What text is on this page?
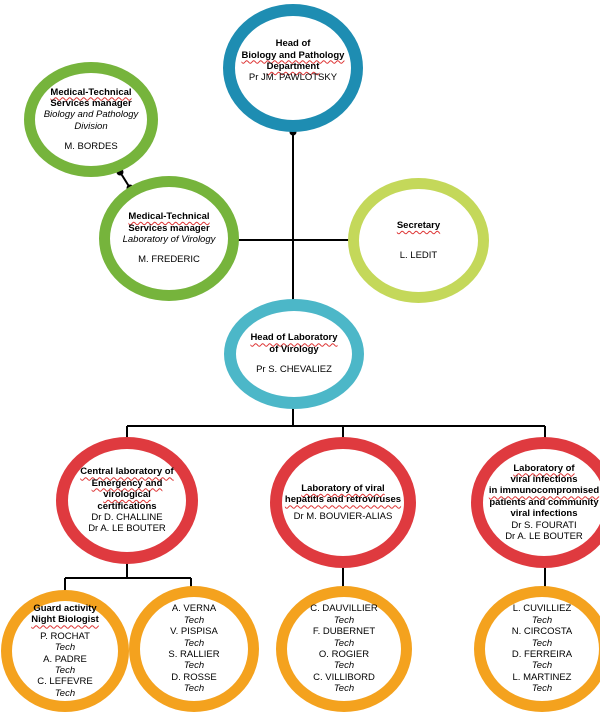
Head of
Biology and Pathology
Department
Pr JM. PAWLOTSKY
Medical-Technical
Services manager
Biology and Pathology
Division
M. BORDES
Medical-Technical
Services manager
Laboratory of Virology
M. FREDERIC
Secretary
L. LEDIT
Head of Laboratory
of Virology
Pr S. CHEVALIEZ
Central laboratory of
Emergency and virological
certifications
Dr D. CHALLINE
Dr A. LE BOUTER
Laboratory of viral
hepatitis and retroviruses
Dr M. BOUVIER-ALIAS
Laboratory of
viral infections
in immunocompromised
patients and community
viral infections
Dr S. FOURATI
Dr A. LE BOUTER
Guard activity
Night Biologist
P. ROCHAT
Tech
A. PADRE
Tech
C. LEFEVRE
Tech
A. VERNA
Tech
V. PISPISA
Tech
S. RALLIER
Tech
D. ROSSE
Tech
C. DAUVILLIER
Tech
F. DUBERNET
Tech
O. ROGIER
Tech
C. VILLIBORD
Tech
L. CUVILLIEZ
Tech
N. CIRCOSTA
Tech
D. FERREIRA
Tech
L. MARTINEZ
Tech
